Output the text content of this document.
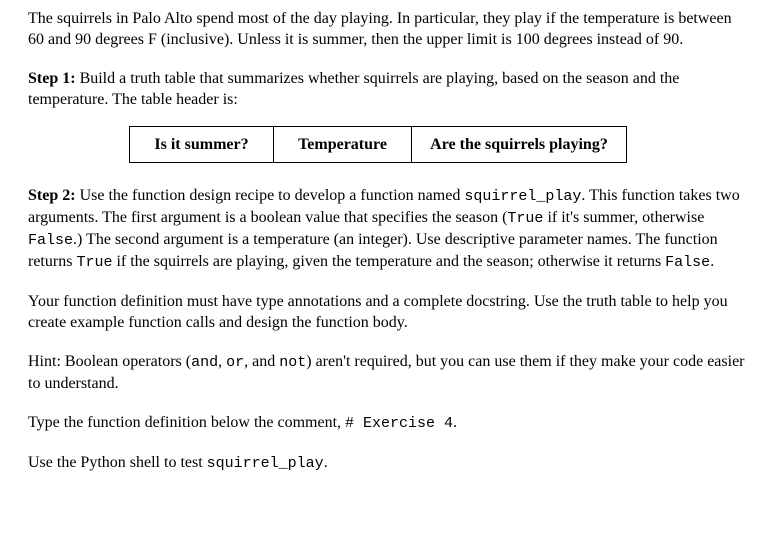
The squirrels in Palo Alto spend most of the day playing. In particular, they play if the temperature is between 60 and 90 degrees F (inclusive). Unless it is summer, then the upper limit is 100 degrees instead of 90.

Step 1: Build a truth table that summarizes whether squirrels are playing, based on the season and the temperature. The table header is:

Is it summer?	Temperature	Are the squirrels playing?

Step 2: Use the function design recipe to develop a function named squirrel_play. This function takes two arguments. The first argument is a boolean value that specifies the season (True if it's summer, otherwise False.) The second argument is a temperature (an integer). Use descriptive parameter names. The function returns True if the squirrels are playing, given the temperature and the season; otherwise it returns False.

Your function definition must have type annotations and a complete docstring. Use the truth table to help you create example function calls and design the function body.

Hint: Boolean operators (and, or, and not) aren't required, but you can use them if they make your code easier to understand.

Type the function definition below the comment, # Exercise 4.

Use the Python shell to test squirrel_play.
